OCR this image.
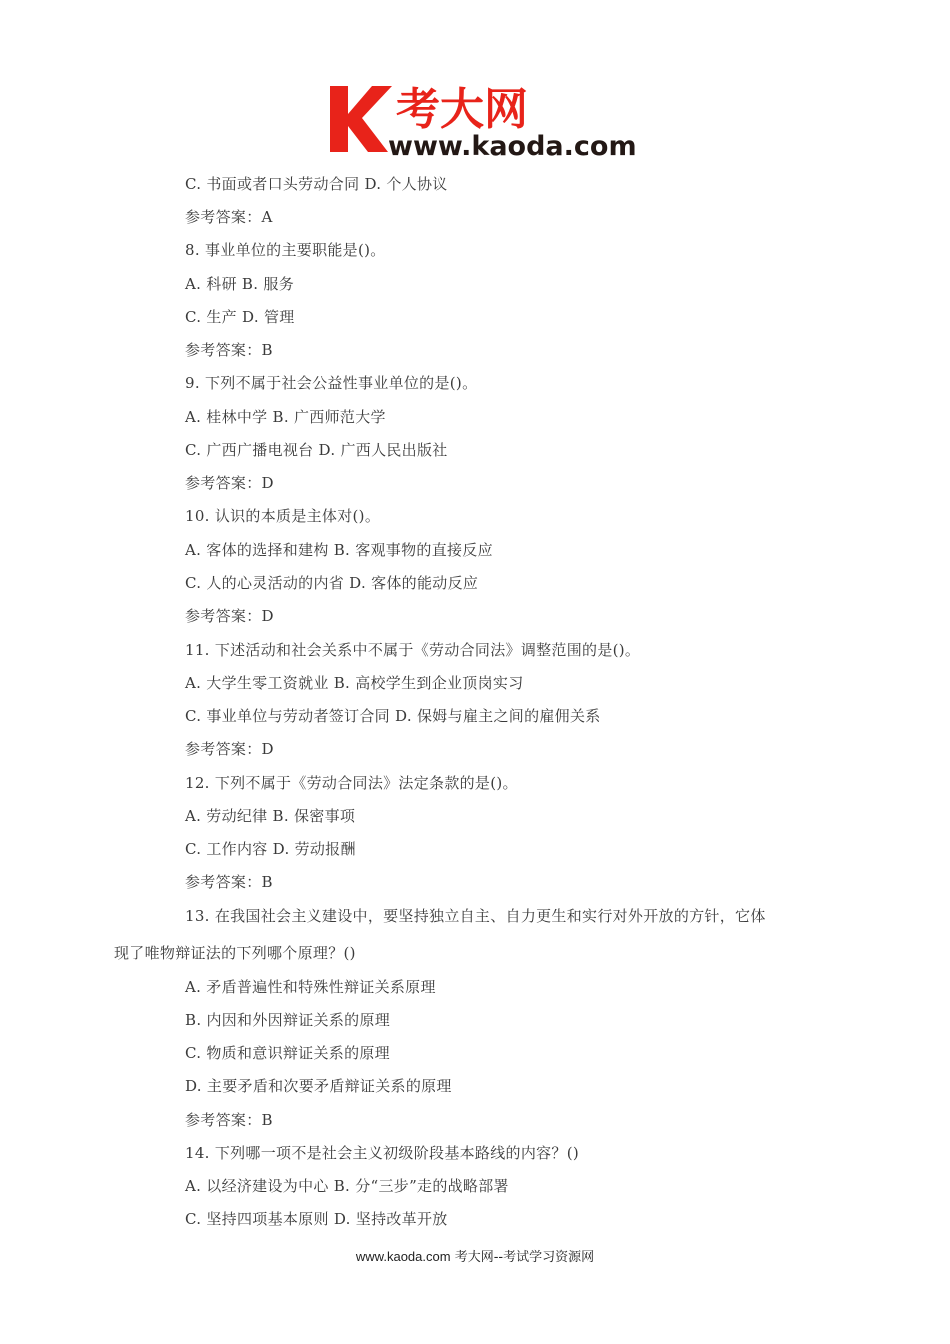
考大网
www.kaoda.com
C. 书面或者口头劳动合同 D. 个人协议
参考答案：A
8. 事业单位的主要职能是()。
A. 科研 B. 服务
C. 生产 D. 管理
参考答案：B
9. 下列不属于社会公益性事业单位的是()。
A. 桂林中学 B. 广西师范大学
C. 广西广播电视台 D. 广西人民出版社
参考答案：D
10. 认识的本质是主体对()。
A. 客体的选择和建构 B. 客观事物的直接反应
C. 人的心灵活动的内省 D. 客体的能动反应
参考答案：D
11. 下述活动和社会关系中不属于《劳动合同法》调整范围的是()。
A. 大学生零工资就业 B. 高校学生到企业顶岗实习
C. 事业单位与劳动者签订合同 D. 保姆与雇主之间的雇佣关系
参考答案：D
12. 下列不属于《劳动合同法》法定条款的是()。
A. 劳动纪律 B. 保密事项
C. 工作内容 D. 劳动报酬
参考答案：B
13. 在我国社会主义建设中，要坚持独立自主、自力更生和实行对外开放的方针，它体
现了唯物辩证法的下列哪个原理？()
A. 矛盾普遍性和特殊性辩证关系原理
B. 内因和外因辩证关系的原理
C. 物质和意识辩证关系的原理
D. 主要矛盾和次要矛盾辩证关系的原理
参考答案：B
14. 下列哪一项不是社会主义初级阶段基本路线的内容？()
A. 以经济建设为中心 B. 分“三步”走的战略部署
C. 坚持四项基本原则 D. 坚持改革开放
www.kaoda.com 考大网--考试学习资源网
